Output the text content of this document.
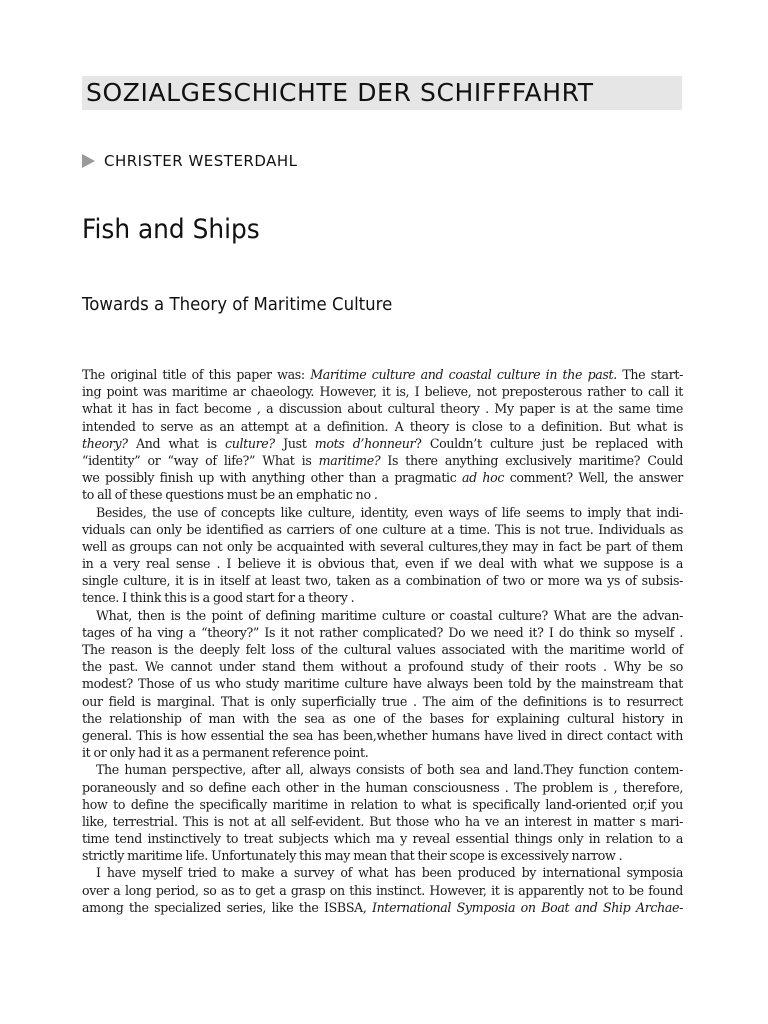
SOZIALGESCHICHTE DER SCHIFFFAHRT
CHRISTER WESTERDAHL
Fish and Ships
Towards a Theory of Maritime Culture
The original title of this paper was: Maritime culture and coastal culture in the past. The start-
ing point was maritime ar chaeology. However, it is, I believe, not preposterous rather to call it
what it has in fact become , a discussion about cultural theory . My paper is at the same time
intended to serve as an attempt at a definition. A theory is close to a definition. But what is
theory? And what is culture? Just mots d’honneur? Couldn’t culture just be replaced with
“identity” or “way of life?” What is maritime? Is there anything exclusively maritime? Could
we possibly finish up with anything other than a pragmatic ad hoc comment? Well, the answer
to all of these questions must be an emphatic no .
Besides, the use of concepts like culture, identity, even ways of life seems to imply that indi-
viduals can only be identified as carriers of one culture at a time. This is not true. Individuals as
well as groups can not only be acquainted with several cultures,they may in fact be part of them
in a very real sense . I believe it is obvious that, even if we deal with what we suppose is a
single culture, it is in itself at least two, taken as a combination of two or more wa ys of subsis-
tence. I think this is a good start for a theory .
What, then is the point of defining maritime culture or coastal culture? What are the advan-
tages of ha ving a “theory?” Is it not rather complicated? Do we need it? I do think so myself .
The reason is the deeply felt loss of the cultural values associated with the maritime world of
the past. We cannot under stand them without a profound study of their roots . Why be so
modest? Those of us who study maritime culture have always been told by the mainstream that
our field is marginal. That is only superficially true . The aim of the definitions is to resurrect
the relationship of man with the sea as one of the bases for explaining cultural history in
general. This is how essential the sea has been,whether humans have lived in direct contact with
it or only had it as a permanent reference point.
The human perspective, after all, always consists of both sea and land.They function contem-
poraneously and so define each other in the human consciousness . The problem is , therefore,
how to define the specifically maritime in relation to what is specifically land-oriented or,if you
like, terrestrial. This is not at all self-evident. But those who ha ve an interest in matter s mari-
time tend instinctively to treat subjects which ma y reveal essential things only in relation to a
strictly maritime life. Unfortunately this may mean that their scope is excessively narrow .
I have myself tried to make a survey of what has been produced by international symposia
over a long period, so as to get a grasp on this instinct. However, it is apparently not to be found
among the specialized series, like the ISBSA, International Symposia on Boat and Ship Archae-
